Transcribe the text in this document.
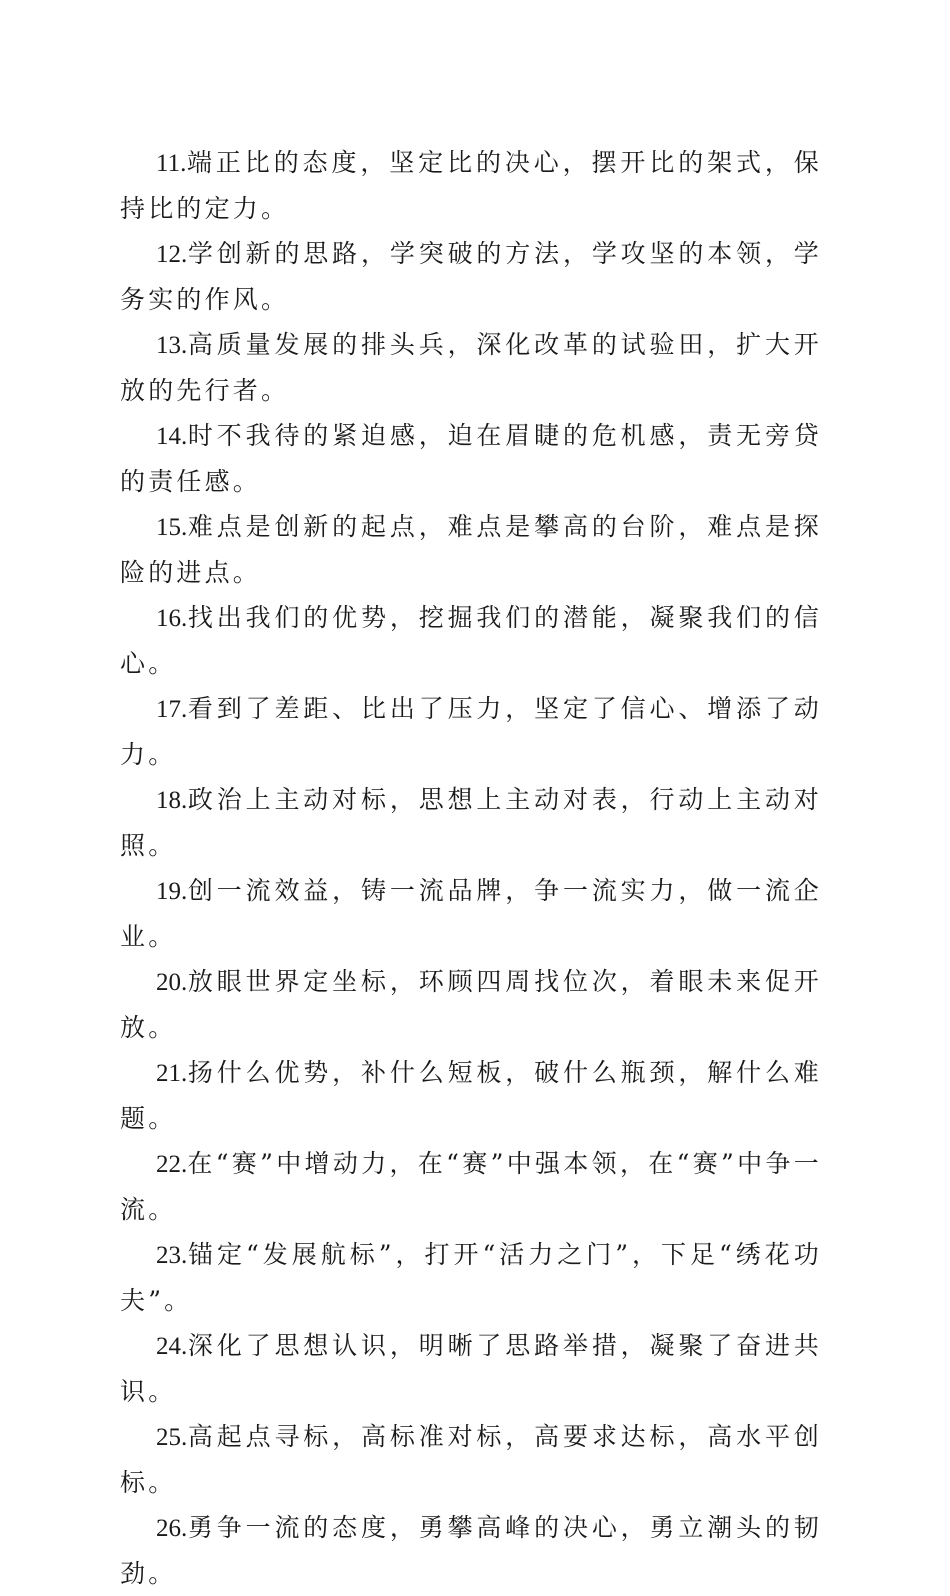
11.端正比的态度，坚定比的决心，摆开比的架式，保持比的定力。

12.学创新的思路，学突破的方法，学攻坚的本领，学务实的作风。

13.高质量发展的排头兵，深化改革的试验田，扩大开放的先行者。

14.时不我待的紧迫感，迫在眉睫的危机感，责无旁贷的责任感。

15.难点是创新的起点，难点是攀高的台阶，难点是探险的进点。

16.找出我们的优势，挖掘我们的潜能，凝聚我们的信心。

17.看到了差距、比出了压力，坚定了信心、增添了动力。

18.政治上主动对标，思想上主动对表，行动上主动对照。

19.创一流效益，铸一流品牌，争一流实力，做一流企业。

20.放眼世界定坐标，环顾四周找位次，着眼未来促开放。

21.扬什么优势，补什么短板，破什么瓶颈，解什么难题。

22.在“赛”中增动力，在“赛”中强本领，在“赛”中争一流。

23.锚定“发展航标”，打开“活力之门”，下足“绣花功夫”。

24.深化了思想认识，明晰了思路举措，凝聚了奋进共识。

25.高起点寻标，高标准对标，高要求达标，高水平创标。

26.勇争一流的态度，勇攀高峰的决心，勇立潮头的韧劲。
